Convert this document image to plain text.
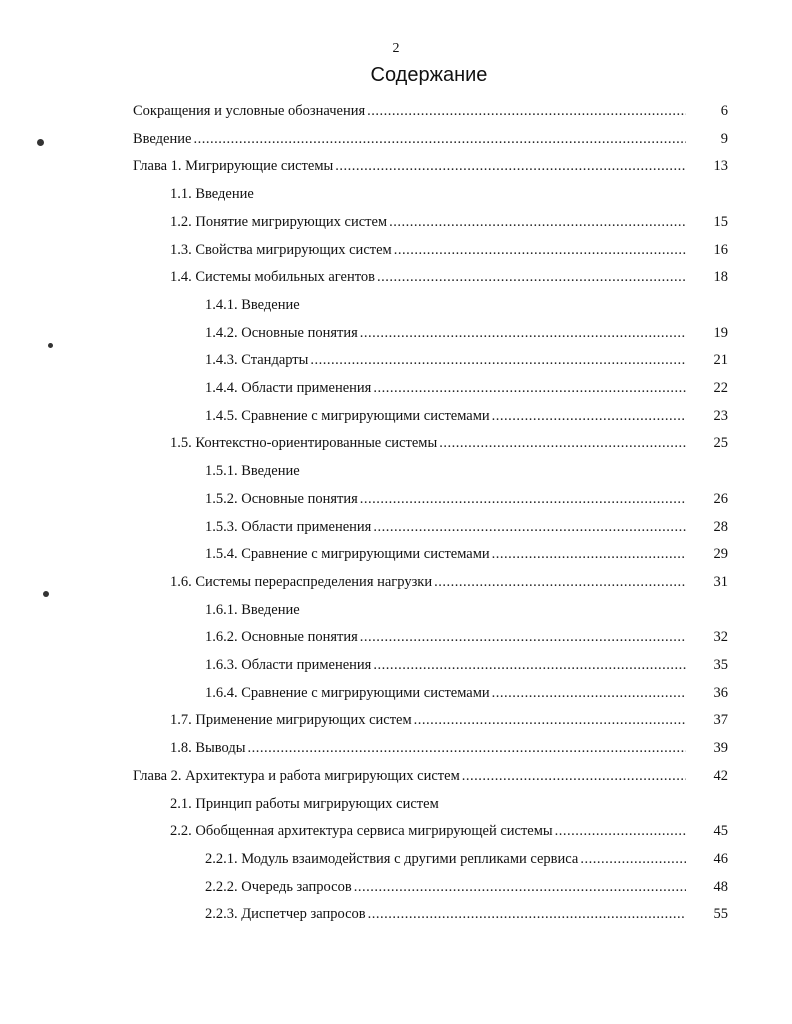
2
Содержание
Сокращения и условные обозначения .....	6
Введение .....	9
Глава 1. Мигрирующие системы .....	13
1.1. Введение
1.2. Понятие мигрирующих систем .....	15
1.3. Свойства мигрирующих систем .....	16
1.4. Системы мобильных агентов .....	18
1.4.1. Введение
1.4.2. Основные понятия .....	19
1.4.3. Стандарты .....	21
1.4.4. Области применения .....	22
1.4.5. Сравнение с мигрирующими системами .....	23
1.5. Контекстно-ориентированные системы .....	25
1.5.1. Введение
1.5.2. Основные понятия .....	26
1.5.3. Области применения .....	28
1.5.4. Сравнение с мигрирующими системами .....	29
1.6. Системы перераспределения нагрузки .....	31
1.6.1. Введение
1.6.2. Основные понятия .....	32
1.6.3. Области применения .....	35
1.6.4. Сравнение с мигрирующими системами .....	36
1.7. Применение мигрирующих систем .....	37
1.8. Выводы .....	39
Глава 2. Архитектура и работа мигрирующих систем .....	42
2.1. Принцип работы мигрирующих систем
2.2. Обобщенная архитектура сервиса мигрирующей системы .....	45
2.2.1. Модуль взаимодействия с другими репликами сервиса .....	46
2.2.2. Очередь запросов .....	48
2.2.3. Диспетчер запросов .....	55
